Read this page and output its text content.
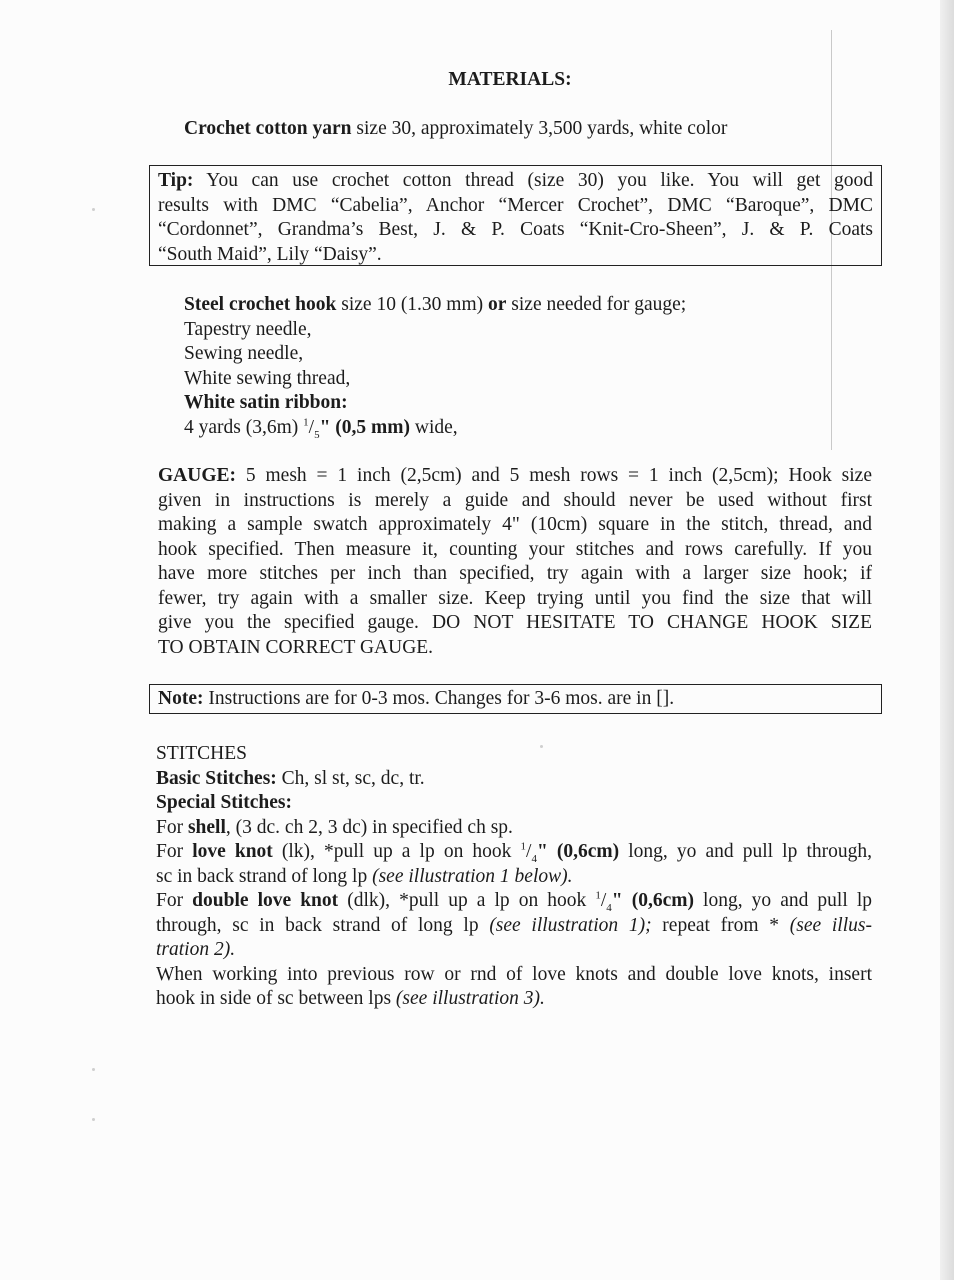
MATERIALS:
Crochet cotton yarn size 30, approximately 3,500 yards, white color
Tip: You can use crochet cotton thread (size 30) you like. You will get good
results with DMC “Cabelia”, Anchor “Mercer Crochet”, DMC “Baroque”, DMC
“Cordonnet”, Grandma’s Best, J. & P. Coats “Knit-Cro-Sheen”, J. & P. Coats
“South Maid”, Lily “Daisy”.
Steel crochet hook size 10 (1.30 mm) or size needed for gauge;
Tapestry needle,
Sewing needle,
White sewing thread,
White satin ribbon:
4 yards (3,6m) $^1/_5$" (0,5 mm) wide,
GAUGE: 5 mesh = 1 inch (2,5cm) and 5 mesh rows = 1 inch (2,5cm); Hook size
given in instructions is merely a guide and should never be used without first
making a sample swatch approximately 4" (10cm) square in the stitch, thread, and
hook specified. Then measure it, counting your stitches and rows carefully. If you
have more stitches per inch than specified, try again with a larger size hook; if
fewer, try again with a smaller size. Keep trying until you find the size that will
give you the specified gauge. DO NOT HESITATE TO CHANGE HOOK SIZE
TO OBTAIN CORRECT GAUGE.
Note: Instructions are for 0-3 mos. Changes for 3-6 mos. are in [].
STITCHES
Basic Stitches: Ch, sl st, sc, dc, tr.
Special Stitches:
For shell, (3 dc. ch 2, 3 dc) in specified ch sp.
For love knot (lk), *pull up a lp on hook $^1/_4$" (0,6cm) long, yo and pull lp through,
sc in back strand of long lp (see illustration 1 below).
For double love knot (dlk), *pull up a lp on hook $^1/_4$" (0,6cm) long, yo and pull lp
through, sc in back strand of long lp (see illustration 1); repeat from * (see illus-
tration 2).
When working into previous row or rnd of love knots and double love knots, insert
hook in side of sc between lps (see illustration 3).
